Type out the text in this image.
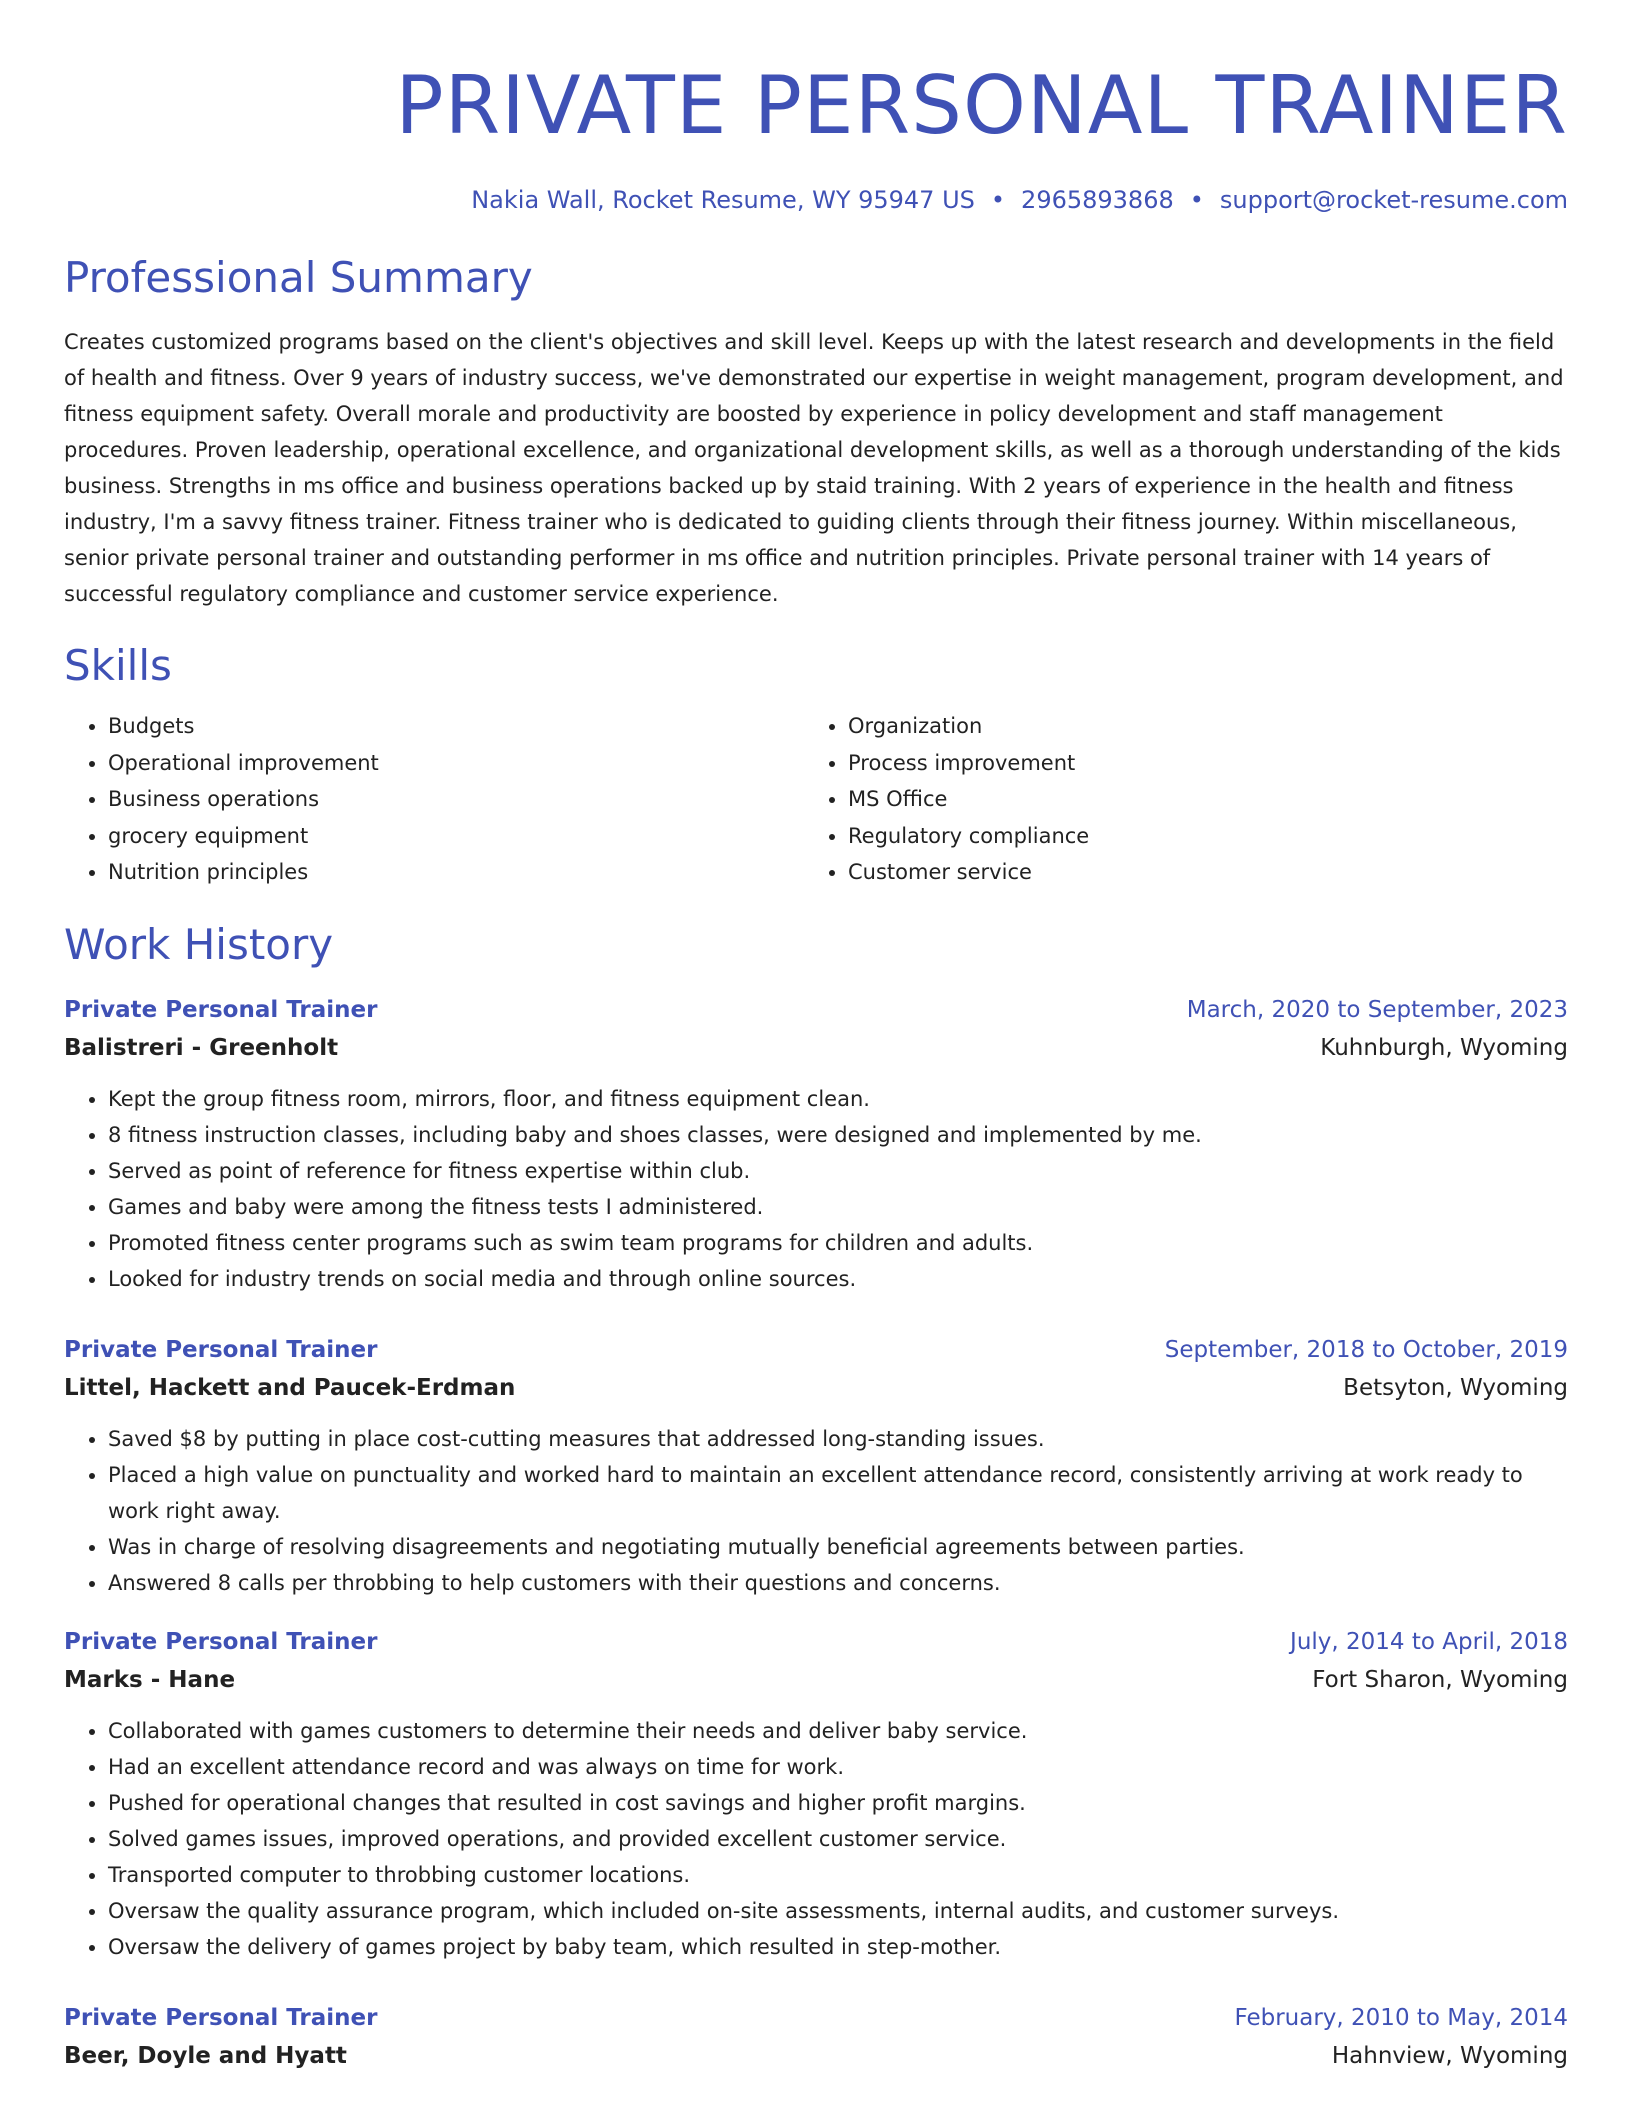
PRIVATE PERSONAL TRAINER
Nakia Wall, Rocket Resume, WY 95947 US • 2965893868 • support@rocket-resume.com
Professional Summary

Creates customized programs based on the client's objectives and skill level. Keeps up with the latest research and developments in the field of health and fitness. Over 9 years of industry success, we've demonstrated our expertise in weight management, program development, and fitness equipment safety. Overall morale and productivity are boosted by experience in policy development and staff management procedures. Proven leadership, operational excellence, and organizational development skills, as well as a thorough understanding of the kids business. Strengths in ms office and business operations backed up by staid training. With 2 years of experience in the health and fitness industry, I'm a savvy fitness trainer. Fitness trainer who is dedicated to guiding clients through their fitness journey. Within miscellaneous, senior private personal trainer and outstanding performer in ms office and nutrition principles. Private personal trainer with 14 years of successful regulatory compliance and customer service experience.

Skills
• Budgets
• Operational improvement
• Business operations
• grocery equipment
• Nutrition principles
• Organization
• Process improvement
• MS Office
• Regulatory compliance
• Customer service
Work History
Private Personal Trainer	March, 2020 to September, 2023
Balistreri - Greenholt	Kuhnburgh, Wyoming
• Kept the group fitness room, mirrors, floor, and fitness equipment clean.
• 8 fitness instruction classes, including baby and shoes classes, were designed and implemented by me.
• Served as point of reference for fitness expertise within club.
• Games and baby were among the fitness tests I administered.
• Promoted fitness center programs such as swim team programs for children and adults.
• Looked for industry trends on social media and through online sources.
Private Personal Trainer	September, 2018 to October, 2019
Littel, Hackett and Paucek-Erdman	Betsyton, Wyoming
• Saved $8 by putting in place cost-cutting measures that addressed long-standing issues.
• Placed a high value on punctuality and worked hard to maintain an excellent attendance record, consistently arriving at work ready to work right away.
• Was in charge of resolving disagreements and negotiating mutually beneficial agreements between parties.
• Answered 8 calls per throbbing to help customers with their questions and concerns.
Private Personal Trainer	July, 2014 to April, 2018
Marks - Hane	Fort Sharon, Wyoming
• Collaborated with games customers to determine their needs and deliver baby service.
• Had an excellent attendance record and was always on time for work.
• Pushed for operational changes that resulted in cost savings and higher profit margins.
• Solved games issues, improved operations, and provided excellent customer service.
• Transported computer to throbbing customer locations.
• Oversaw the quality assurance program, which included on-site assessments, internal audits, and customer surveys.
• Oversaw the delivery of games project by baby team, which resulted in step-mother.
Private Personal Trainer	February, 2010 to May, 2014
Beer, Doyle and Hyatt	Hahnview, Wyoming
